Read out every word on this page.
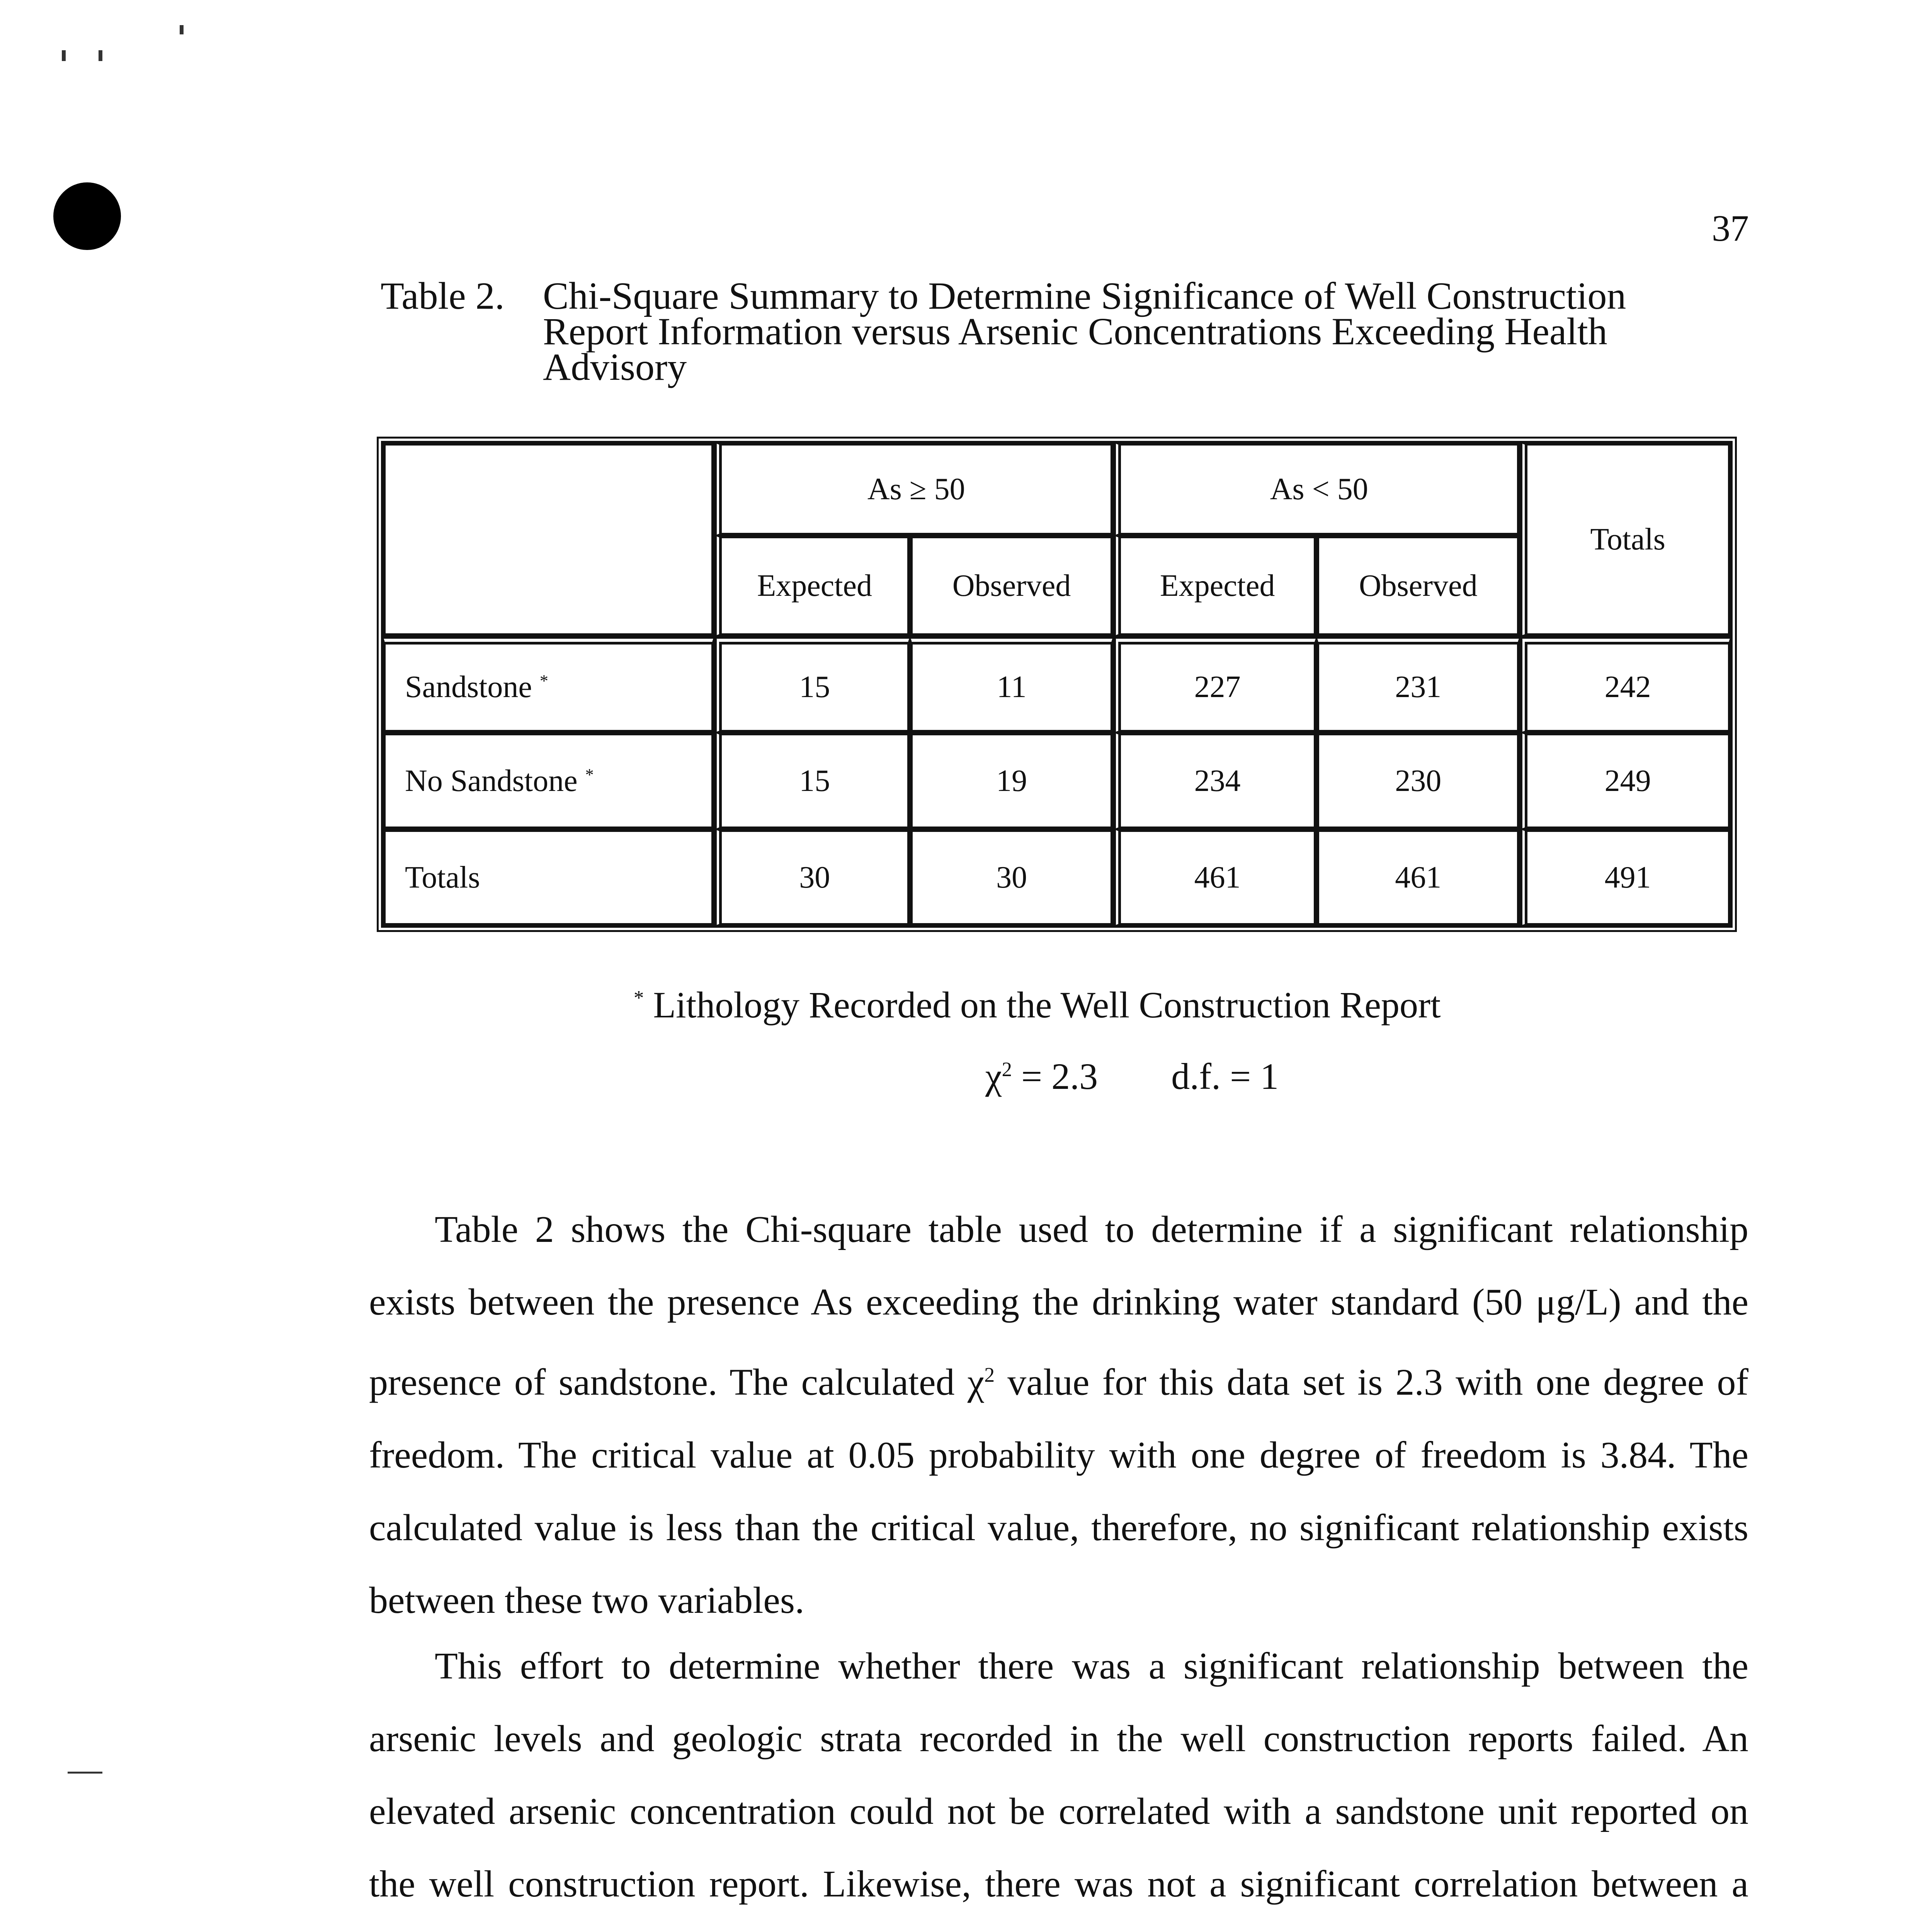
37
Table 2. Chi-Square Summary to Determine Significance of Well Construction Report Information versus Arsenic Concentrations Exceeding Health Advisory
	As ≥ 50		As < 50		Totals
	Expected	Observed	Expected	Observed	
Sandstone *	15	11	227	231	242
No Sandstone *	15	19	234	230	249
Totals	30	30	461	461	491
* Lithology Recorded on the Well Construction Report
$\chi^2 = 2.3$ d.f. = 1

Table 2 shows the Chi-square table used to determine if a significant relationship exists between the presence As exceeding the drinking water standard (50 μg/L) and the presence of sandstone. The calculated $\chi^2$ value for this data set is 2.3 with one degree of freedom. The critical value at 0.05 probability with one degree of freedom is 3.84. The calculated value is less than the critical value, therefore, no significant relationship exists between these two variables.

This effort to determine whether there was a significant relationship between the arsenic levels and geologic strata recorded in the well construction reports failed. An elevated arsenic concentration could not be correlated with a sandstone unit reported on the well construction report. Likewise, there was not a significant correlation between a
